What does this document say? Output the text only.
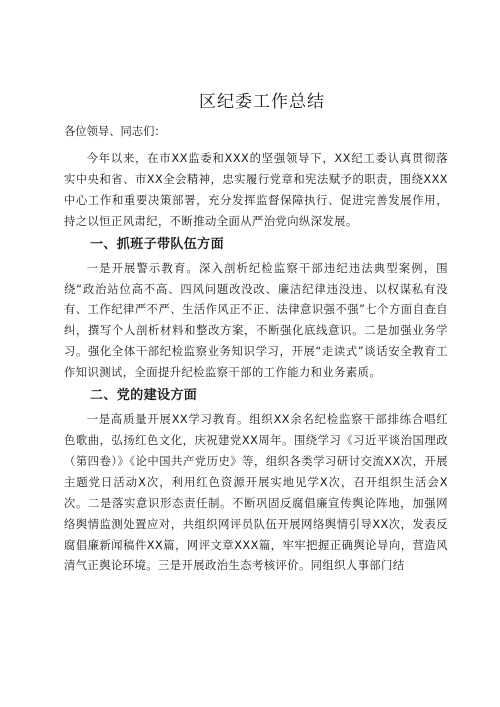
区纪委工作总结

各位领导、同志们：

今年以来，在市XX监委和XXX的坚强领导下，XX纪工委认真贯彻落实中央和省、市XX全会精神，忠实履行党章和宪法赋予的职责，围绕XXX中心工作和重要决策部署，充分发挥监督保障执行、促进完善发展作用，持之以恒正风肃纪，不断推动全面从严治党向纵深发展。

一、抓班子带队伍方面

一是开展警示教育。深入剖析纪检监察干部违纪违法典型案例，围绕“政治站位高不高、四风问题改没改、廉洁纪律违没违、以权谋私有没有、工作纪律严不严、生活作风正不正、法律意识强不强”七个方面自查自纠，撰写个人剖析材料和整改方案，不断强化底线意识。二是加强业务学习。强化全体干部纪检监察业务知识学习，开展“走读式”谈话安全教育工作知识测试，全面提升纪检监察干部的工作能力和业务素质。

二、党的建设方面

一是高质量开展XX学习教育。组织XX余名纪检监察干部排练合唱红色歌曲，弘扬红色文化，庆祝建党XX周年。围绕学习《习近平谈治国理政（第四卷）》《论中国共产党历史》等，组织各类学习研讨交流XX次，开展主题党日活动X次，利用红色资源开展实地见学X次，召开组织生活会X次。二是落实意识形态责任制。不断巩固反腐倡廉宣传舆论阵地，加强网络舆情监测处置应对，共组织网评员队伍开展网络舆情引导XX次，发表反腐倡廉新闻稿件XX篇，网评文章XXX篇，牢牢把握正确舆论导向，营造风清气正舆论环境。三是开展政治生态考核评价。同组织人事部门结
